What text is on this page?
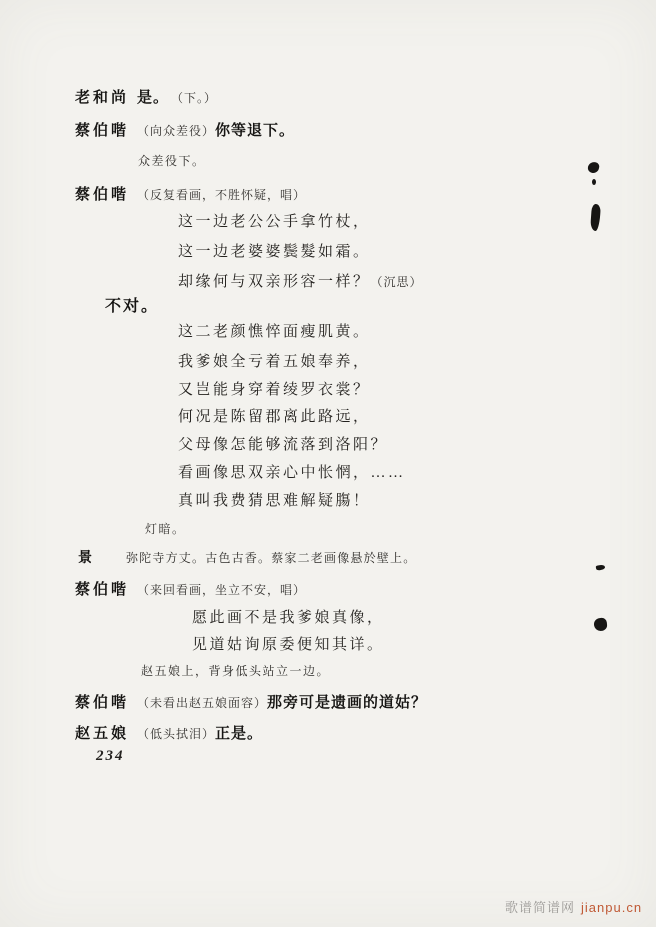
老和尚 是。 （下。）
蔡伯喈 （向众差役） 你等退下。
众差役下。
蔡伯喈 （反复看画，不胜怀疑，唱）
这一边老公公手拿竹杖，
这一边老婆婆鬓髮如霜。
却缘何与双亲形容一样？ （沉思）
不对。
这二老颜憔悴面瘦肌黄。
我爹娘全亏着五娘奉养，
又岂能身穿着绫罗衣裳？
何况是陈留郡离此路远，
父母像怎能够流落到洛阳？
看画像思双亲心中怅惘，……
真叫我费猜思难解疑膓！
灯暗。
景	弥陀寺方丈。古色古香。蔡家二老画像悬於壁上。
蔡伯喈 （来回看画，坐立不安，唱）
愿此画不是我爹娘真像，
见道姑询原委便知其详。
赵五娘上，背身低头站立一边。
蔡伯喈 （未看出赵五娘面容） 那旁可是遗画的道姑？
赵五娘 （低头拭泪） 正是。
234
歌谱简谱网 jianpu.cn
